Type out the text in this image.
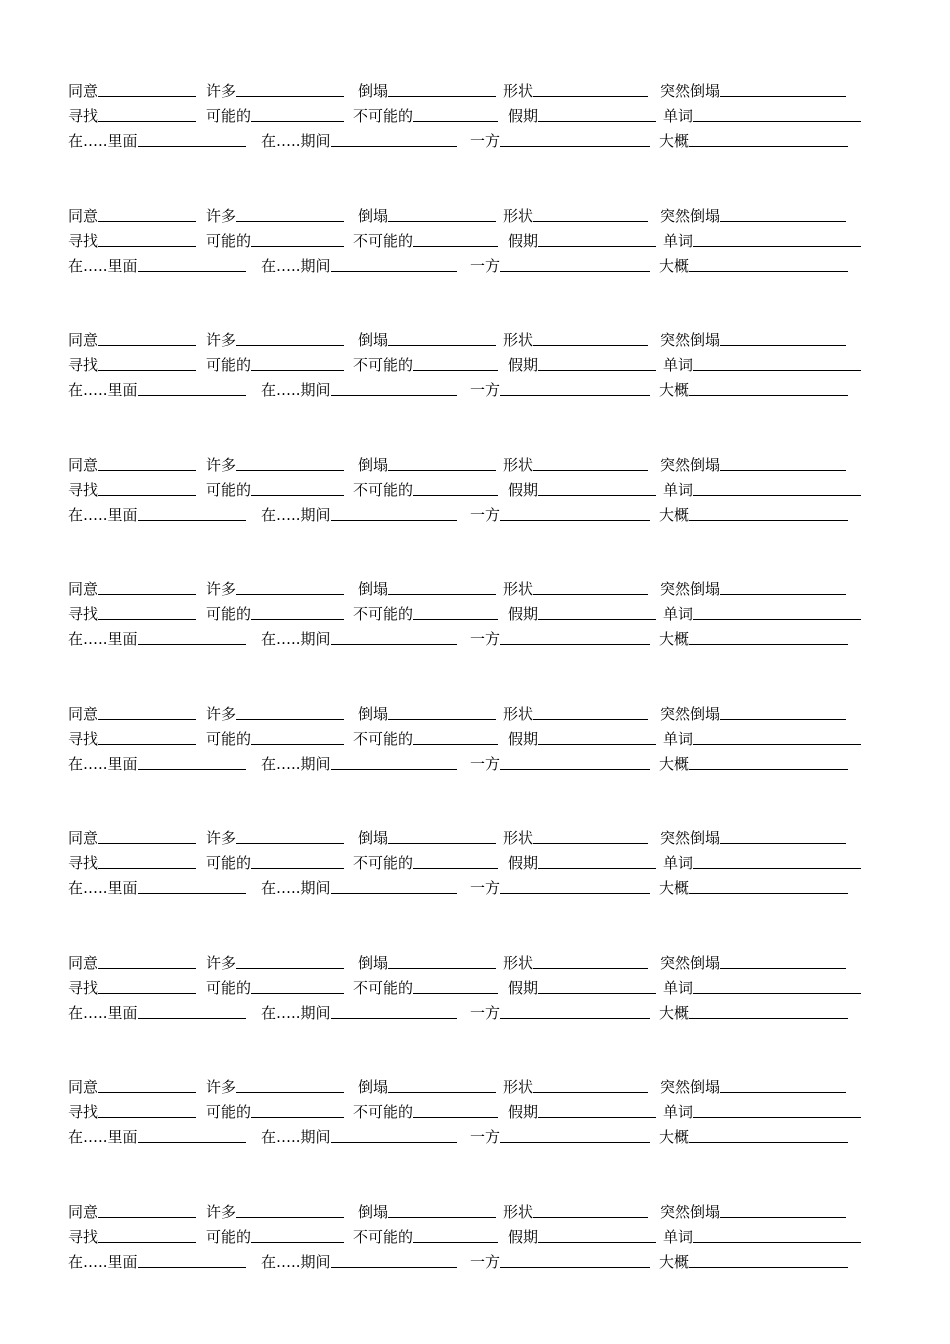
同意	许多	倒塌	形状	突然倒塌
寻找	可能的	不可能的	假期	单词
在…..里面	在…..期间	一方	大概
同意	许多	倒塌	形状	突然倒塌
寻找	可能的	不可能的	假期	单词
在…..里面	在…..期间	一方	大概
同意	许多	倒塌	形状	突然倒塌
寻找	可能的	不可能的	假期	单词
在…..里面	在…..期间	一方	大概
同意	许多	倒塌	形状	突然倒塌
寻找	可能的	不可能的	假期	单词
在…..里面	在…..期间	一方	大概
同意	许多	倒塌	形状	突然倒塌
寻找	可能的	不可能的	假期	单词
在…..里面	在…..期间	一方	大概
同意	许多	倒塌	形状	突然倒塌
寻找	可能的	不可能的	假期	单词
在…..里面	在…..期间	一方	大概
同意	许多	倒塌	形状	突然倒塌
寻找	可能的	不可能的	假期	单词
在…..里面	在…..期间	一方	大概
同意	许多	倒塌	形状	突然倒塌
寻找	可能的	不可能的	假期	单词
在…..里面	在…..期间	一方	大概
同意	许多	倒塌	形状	突然倒塌
寻找	可能的	不可能的	假期	单词
在…..里面	在…..期间	一方	大概
同意	许多	倒塌	形状	突然倒塌
寻找	可能的	不可能的	假期	单词
在…..里面	在…..期间	一方	大概
